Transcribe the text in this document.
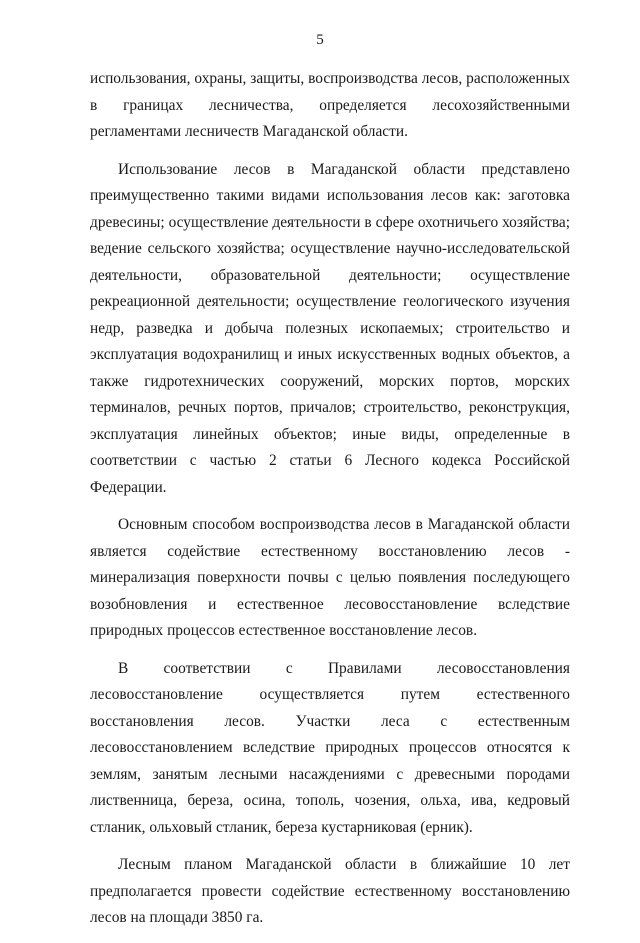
5

использования, охраны, защиты, воспроизводства лесов, расположенных в границах лесничества, определяется лесохозяйственными регламентами лесничеств Магаданской области.

Использование лесов в Магаданской области представлено преимущественно такими видами использования лесов как: заготовка древесины; осуществление деятельности в сфере охотничьего хозяйства; ведение сельского хозяйства; осуществление научно-исследовательской деятельности, образовательной деятельности; осуществление рекреационной деятельности; осуществление геологического изучения недр, разведка и добыча полезных ископаемых; строительство и эксплуатация водохранилищ и иных искусственных водных объектов, а также гидротехнических сооружений, морских портов, морских терминалов, речных портов, причалов; строительство, реконструкция, эксплуатация линейных объектов; иные виды, определенные в соответствии с частью 2 статьи 6 Лесного кодекса Российской Федерации.

Основным способом воспроизводства лесов в Магаданской области является содействие естественному восстановлению лесов - минерализация поверхности почвы с целью появления последующего возобновления и естественное лесовосстановление вследствие природных процессов естественное восстановление лесов.

В соответствии с Правилами лесовосстановления лесовосстановление осуществляется путем естественного восстановления лесов. Участки леса с естественным лесовосстановлением вследствие природных процессов относятся к землям, занятым лесными насаждениями с древесными породами лиственница, береза, осина, тополь, чозения, ольха, ива, кедровый стланик, ольховый стланик, береза кустарниковая (ерник).

Лесным планом Магаданской области в ближайшие 10 лет предполагается провести содействие естественному восстановлению лесов на площади 3850 га.
